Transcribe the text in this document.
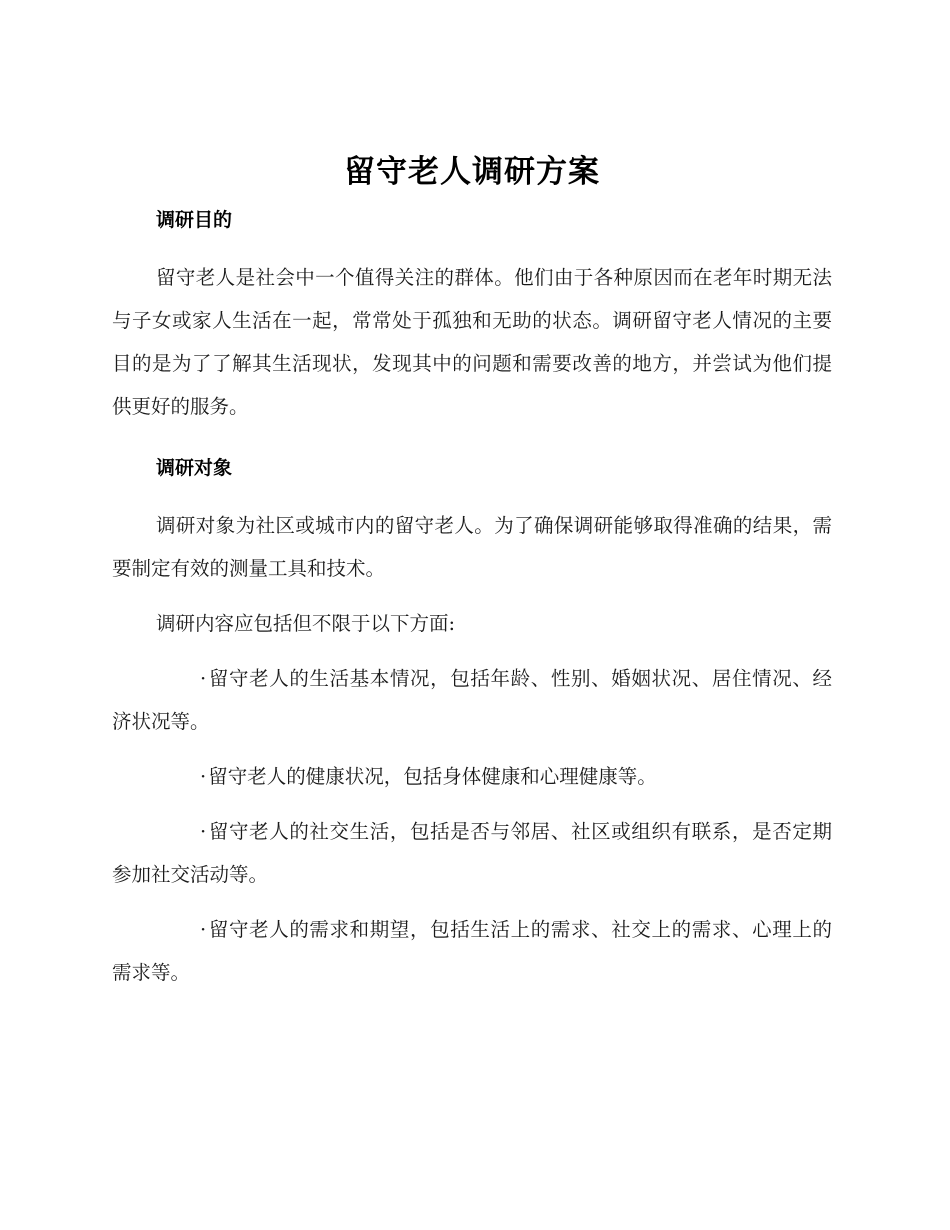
留守老人调研方案
调研目的

留守老人是社会中一个值得关注的群体。他们由于各种原因而在老年时期无法与子女或家人生活在一起，常常处于孤独和无助的状态。调研留守老人情况的主要目的是为了了解其生活现状，发现其中的问题和需要改善的地方，并尝试为他们提供更好的服务。

调研对象

调研对象为社区或城市内的留守老人。为了确保调研能够取得准确的结果，需要制定有效的测量工具和技术。

调研内容应包括但不限于以下方面:

· 留守老人的生活基本情况，包括年龄、性别、婚姻状况、居住情况、经济状况等。
· 留守老人的健康状况，包括身体健康和心理健康等。
· 留守老人的社交生活，包括是否与邻居、社区或组织有联系，是否定期参加社交活动等。
· 留守老人的需求和期望，包括生活上的需求、社交上的需求、心理上的需求等。
